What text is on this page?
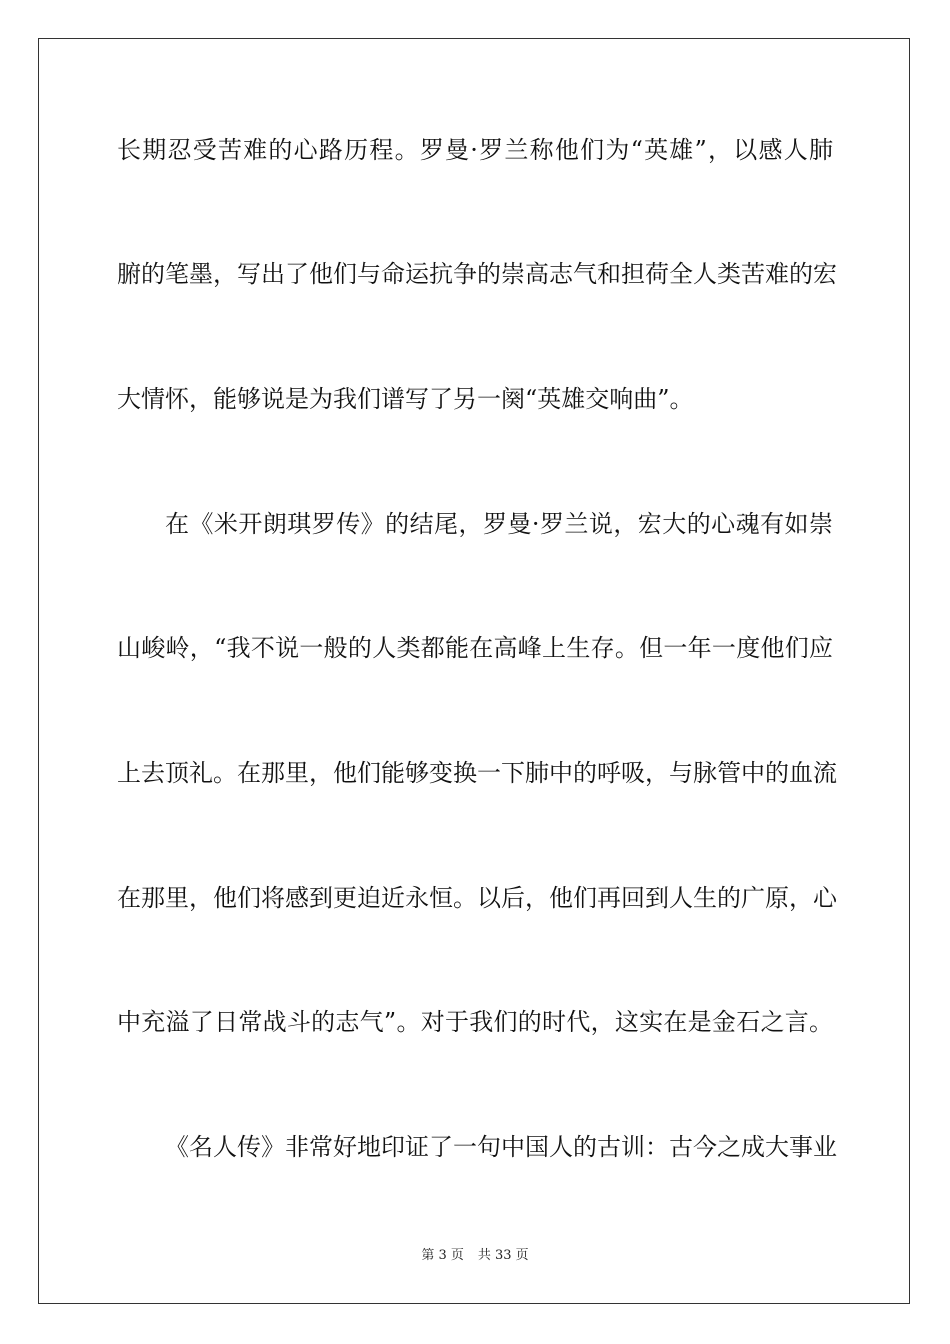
长期忍受苦难的心路历程。罗曼·罗兰称他们为“英雄”，以感人肺
腑的笔墨，写出了他们与命运抗争的崇高志气和担荷全人类苦难的宏
大情怀，能够说是为我们谱写了另一阕“英雄交响曲”。
在《米开朗琪罗传》的结尾，罗曼·罗兰说，宏大的心魂有如崇
山峻岭，“我不说一般的人类都能在高峰上生存。但一年一度他们应
上去顶礼。在那里，他们能够变换一下肺中的呼吸，与脉管中的血流
在那里，他们将感到更迫近永恒。以后，他们再回到人生的广原，心
中充溢了日常战斗的志气”。对于我们的时代，这实在是金石之言。
《名人传》非常好地印证了一句中国人的古训：古今之成大事业
第 3 页 共 33 页
